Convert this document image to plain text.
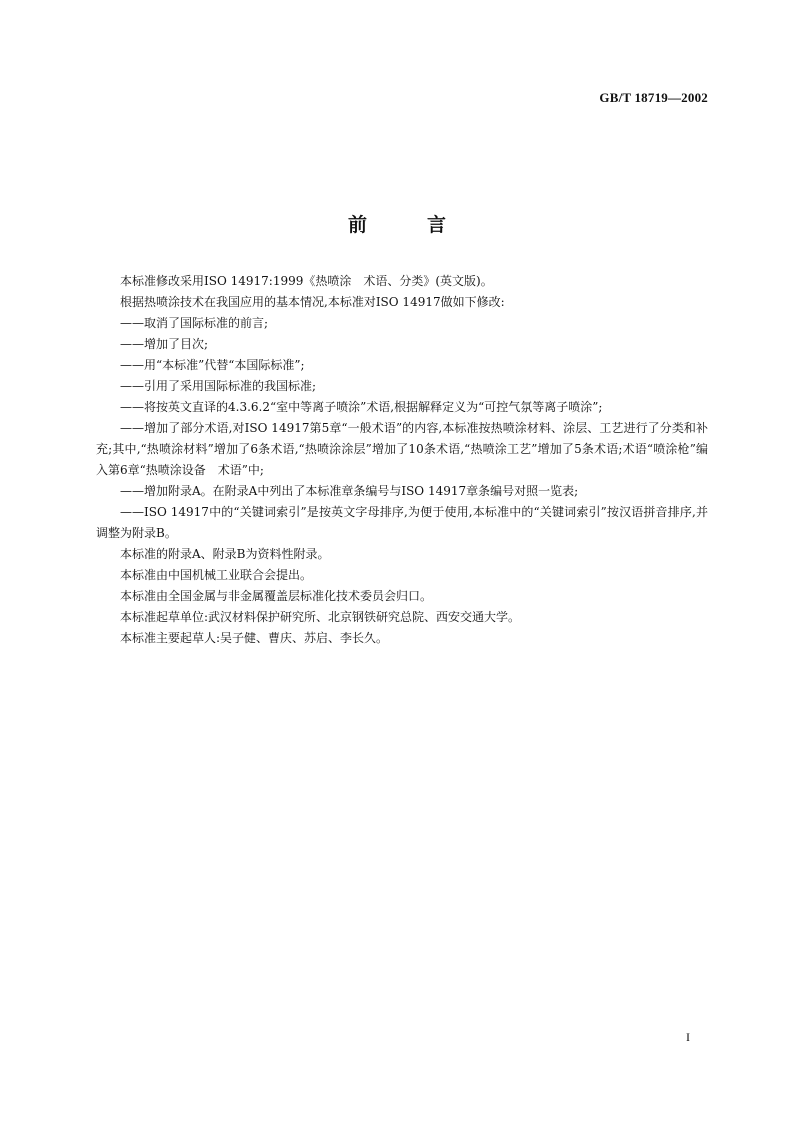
GB/T 18719—2002
前	言

本标准修改采用ISO 14917:1999《热喷涂　术语、分类》(英文版)。

根据热喷涂技术在我国应用的基本情况,本标准对ISO 14917做如下修改:

——取消了国际标准的前言;

——增加了目次;

——用“本标准”代替“本国际标准”;

——引用了采用国际标准的我国标准;

——将按英文直译的4.3.6.2“室中等离子喷涂”术语,根据解释定义为“可控气氛等离子喷涂”;

——增加了部分术语,对ISO 14917第5章“一般术语”的内容,本标准按热喷涂材料、涂层、工艺进行了分类和补充;其中,“热喷涂材料”增加了6条术语,“热喷涂涂层”增加了10条术语,“热喷涂工艺”增加了5条术语;术语“喷涂枪”编入第6章“热喷涂设备　术语”中;

——增加附录A。在附录A中列出了本标准章条编号与ISO 14917章条编号对照一览表;

——ISO 14917中的“关键词索引”是按英文字母排序,为便于使用,本标准中的“关键词索引”按汉语拼音排序,并调整为附录B。

本标准的附录A、附录B为资料性附录。

本标准由中国机械工业联合会提出。

本标准由全国金属与非金属覆盖层标准化技术委员会归口。

本标准起草单位:武汉材料保护研究所、北京钢铁研究总院、西安交通大学。

本标准主要起草人:吴子健、曹庆、苏启、李长久。

I
